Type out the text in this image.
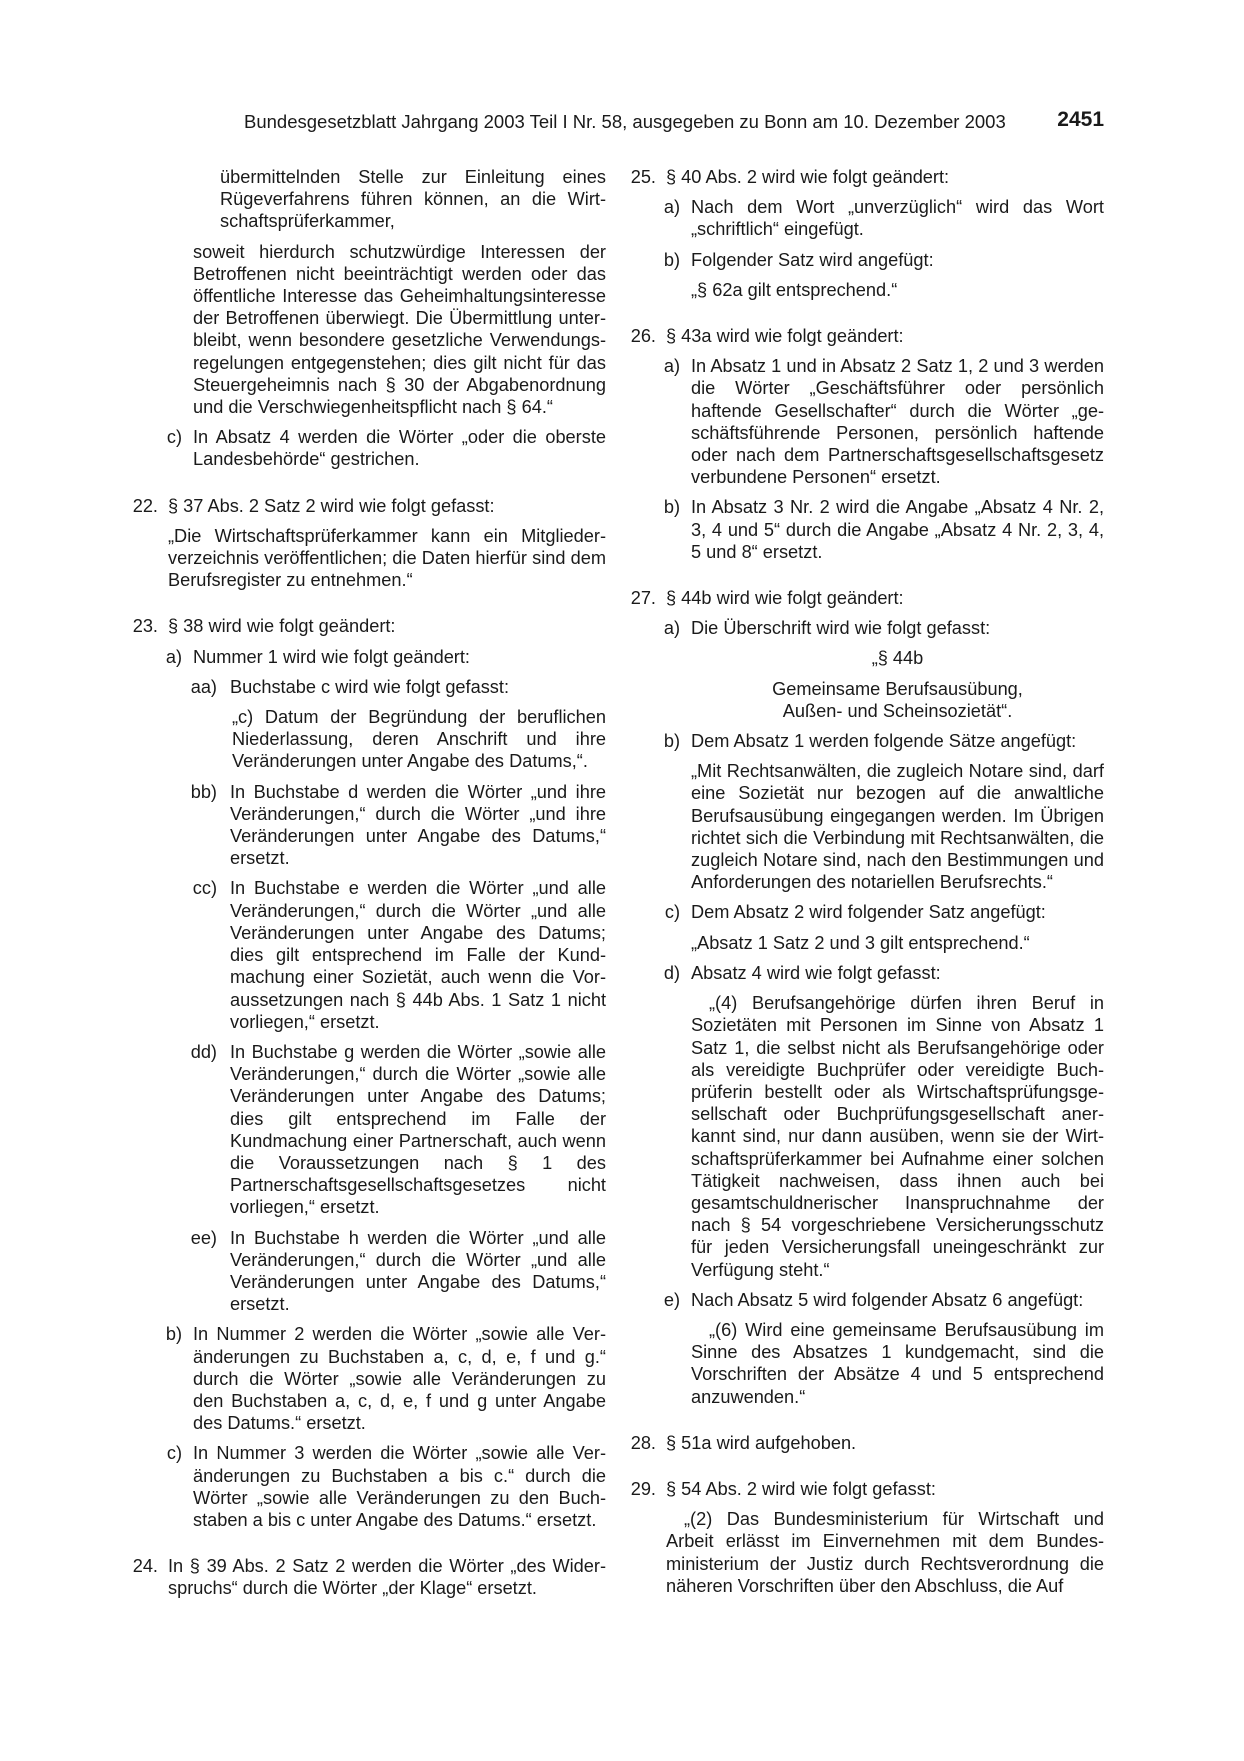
Bundesgesetzblatt Jahrgang 2003 Teil I Nr. 58, ausgegeben zu Bonn am 10. Dezember 2003 2451

übermittelnden Stelle zur Einleitung eines Rügeverfahrens führen können, an die Wirtschaftsprüferkammer,

soweit hierdurch schutzwürdige Interessen der Betroffenen nicht beeinträchtigt werden oder das öffentliche Interesse das Geheimhaltungsinteresse der Betroffenen überwiegt. Die Übermittlung unterbleibt, wenn besondere gesetzliche Verwendungsregelungen entgegenstehen; dies gilt nicht für das Steuergeheimnis nach § 30 der Abgabenordnung und die Verschwiegenheitspflicht nach § 64.“

c) In Absatz 4 werden die Wörter „oder die oberste Landesbehörde“ gestrichen.

22. § 37 Abs. 2 Satz 2 wird wie folgt gefasst:

„Die Wirtschaftsprüferkammer kann ein Mitgliederverzeichnis veröffentlichen; die Daten hierfür sind dem Berufsregister zu entnehmen.“

23. § 38 wird wie folgt geändert:

a) Nummer 1 wird wie folgt geändert:

aa) Buchstabe c wird wie folgt gefasst:

„c) Datum der Begründung der beruflichen Niederlassung, deren Anschrift und ihre Veränderungen unter Angabe des Datums,“.

bb) In Buchstabe d werden die Wörter „und ihre Veränderungen,“ durch die Wörter „und ihre Veränderungen unter Angabe des Datums,“ ersetzt.

cc) In Buchstabe e werden die Wörter „und alle Veränderungen,“ durch die Wörter „und alle Veränderungen unter Angabe des Datums; dies gilt entsprechend im Falle der Kundmachung einer Sozietät, auch wenn die Voraussetzungen nach § 44b Abs. 1 Satz 1 nicht vorliegen,“ ersetzt.

dd) In Buchstabe g werden die Wörter „sowie alle Veränderungen,“ durch die Wörter „sowie alle Veränderungen unter Angabe des Datums; dies gilt entsprechend im Falle der Kundmachung einer Partnerschaft, auch wenn die Voraussetzungen nach § 1 des Partnerschaftsgesellschaftsgesetzes nicht vorliegen,“ ersetzt.

ee) In Buchstabe h werden die Wörter „und alle Veränderungen,“ durch die Wörter „und alle Veränderungen unter Angabe des Datums,“ ersetzt.

b) In Nummer 2 werden die Wörter „sowie alle Veränderungen zu Buchstaben a, c, d, e, f und g.“ durch die Wörter „sowie alle Veränderungen zu den Buchstaben a, c, d, e, f und g unter Angabe des Datums.“ ersetzt.

c) In Nummer 3 werden die Wörter „sowie alle Veränderungen zu Buchstaben a bis c.“ durch die Wörter „sowie alle Veränderungen zu den Buchstaben a bis c unter Angabe des Datums.“ ersetzt.

24. In § 39 Abs. 2 Satz 2 werden die Wörter „des Widerspruchs“ durch die Wörter „der Klage“ ersetzt.

25. § 40 Abs. 2 wird wie folgt geändert:

a) Nach dem Wort „unverzüglich“ wird das Wort „schriftlich“ eingefügt.

b) Folgender Satz wird angefügt:

„§ 62a gilt entsprechend.“

26. § 43a wird wie folgt geändert:

a) In Absatz 1 und in Absatz 2 Satz 1, 2 und 3 werden die Wörter „Geschäftsführer oder persönlich haftende Gesellschafter“ durch die Wörter „geschäftsführende Personen, persönlich haftende oder nach dem Partnerschaftsgesellschaftsgesetz verbundene Personen“ ersetzt.

b) In Absatz 3 Nr. 2 wird die Angabe „Absatz 4 Nr. 2, 3, 4 und 5“ durch die Angabe „Absatz 4 Nr. 2, 3, 4, 5 und 8“ ersetzt.

27. § 44b wird wie folgt geändert:

a) Die Überschrift wird wie folgt gefasst:

„§ 44b

Gemeinsame Berufsausübung,

Außen- und Scheinsozietät“.

b) Dem Absatz 1 werden folgende Sätze angefügt:

„Mit Rechtsanwälten, die zugleich Notare sind, darf eine Sozietät nur bezogen auf die anwaltliche Berufsausübung eingegangen werden. Im Übrigen richtet sich die Verbindung mit Rechtsanwälten, die zugleich Notare sind, nach den Bestimmungen und Anforderungen des notariellen Berufsrechts.“

c) Dem Absatz 2 wird folgender Satz angefügt:

„Absatz 1 Satz 2 und 3 gilt entsprechend.“

d) Absatz 4 wird wie folgt gefasst:

„(4) Berufsangehörige dürfen ihren Beruf in Sozietäten mit Personen im Sinne von Absatz 1 Satz 1, die selbst nicht als Berufsangehörige oder als vereidigte Buchprüfer oder vereidigte Buchprüferin bestellt oder als Wirtschaftsprüfungsgesellschaft oder Buchprüfungsgesellschaft anerkannt sind, nur dann ausüben, wenn sie der Wirtschaftsprüferkammer bei Aufnahme einer solchen Tätigkeit nachweisen, dass ihnen auch bei gesamtschuldnerischer Inanspruchnahme der nach § 54 vorgeschriebene Versicherungsschutz für jeden Versicherungsfall uneingeschränkt zur Verfügung steht.“

e) Nach Absatz 5 wird folgender Absatz 6 angefügt:

„(6) Wird eine gemeinsame Berufsausübung im Sinne des Absatzes 1 kundgemacht, sind die Vorschriften der Absätze 4 und 5 entsprechend anzuwenden.“

28. § 51a wird aufgehoben.

29. § 54 Abs. 2 wird wie folgt gefasst:

„(2) Das Bundesministerium für Wirtschaft und Arbeit erlässt im Einvernehmen mit dem Bundesministerium der Justiz durch Rechtsverordnung die näheren Vorschriften über den Abschluss, die Auf
